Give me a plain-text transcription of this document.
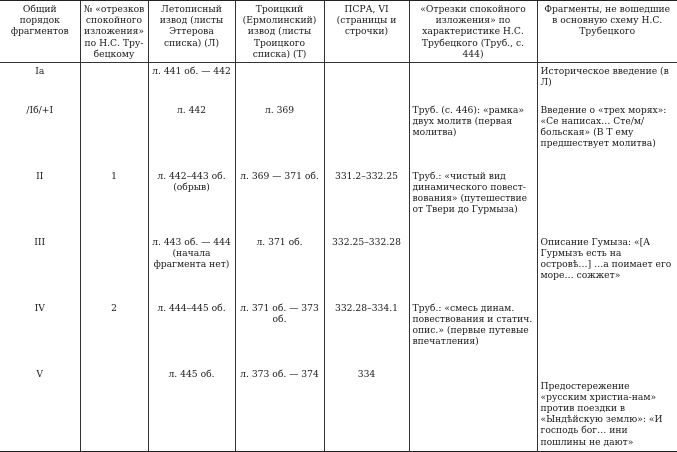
Общий порядок фрагментов	№ «отрезков спокойного изложения» по Н.С. Тру-бецкому	Летописный извод (листы Эттерова списка) (Л)	Троицкий (Ермолинский) извод (листы Троицкого списка) (Т)	ПСРА, VI (страницы и строчки)	«Отрезки спокойного изложения» по характеристике Н.С. Трубецкого (Труб., с. 444)	Фрагменты, не вошедшие в основную схему Н.С. Трубецкого
Ia		л. 441 об. — 442				Историческое введение (в Л)
/Iб/+I		л. 442	л. 369		Труб. (с. 446): «рамка» двух молитв (первая молитва)	Введение о «трех морях»: «Се написах… Сте/м/больская» (В Т ему предшествует молитва)
II	1	л. 442–443 об. (обрыв)	л. 369 — 371 об.	331.2–332.25	Труб.: «чистый вид динамического повест-вования» (путешествие от Твери до Гурмыза)	
III		л. 443 об. — 444 (начала фрагмента нет)	л. 371 об.	332.25–332.28		Описание Гумыза: «[А Гурмызъ есть на островѣ…] …а поимает его море… сожжет»
IV	2	л. 444–445 об.	л. 371 об. — 373 об.	332.28–334.1	Труб.: «смесь динам. повествования и статич. опис.» (первые путевые впечатления)	
V		л. 445 об.	л. 373 об. — 374	334		Предостережение «русским христиа-нам» против поездки в «Ындѣйскую землю»: «И господь бог… ини пошлины не дают»
